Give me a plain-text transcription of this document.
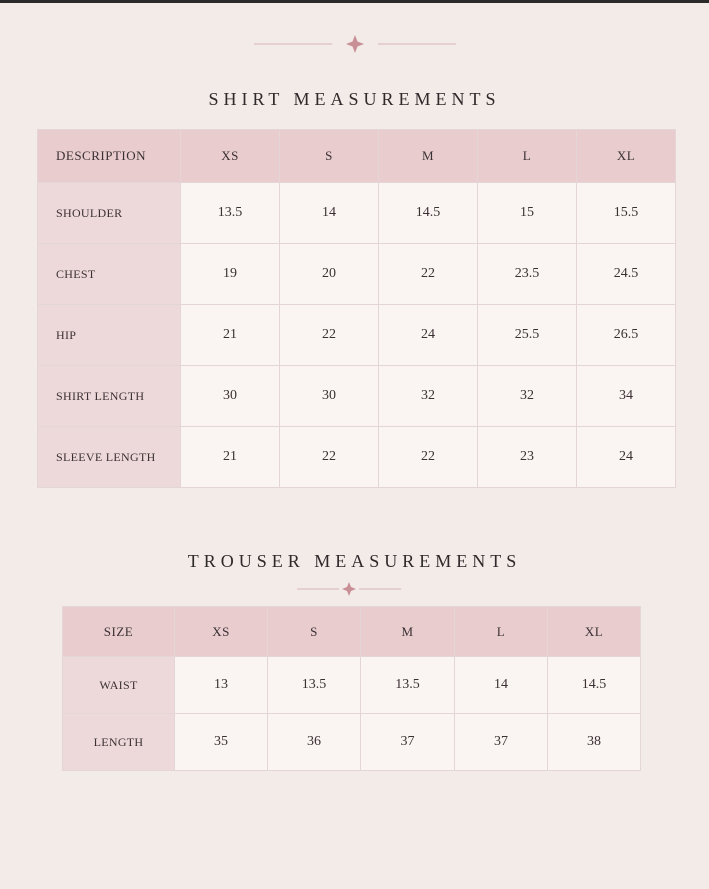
SHIRT MEASUREMENTS
DESCRIPTION	XS	S	M	L	XL
SHOULDER	13.5	14	14.5	15	15.5
CHEST	19	20	22	23.5	24.5
HIP	21	22	24	25.5	26.5
SHIRT LENGTH	30	30	32	32	34
SLEEVE LENGTH	21	22	22	23	24
TROUSER MEASUREMENTS
SIZE	XS	S	M	L	XL
WAIST	13	13.5	13.5	14	14.5
LENGTH	35	36	37	37	38
